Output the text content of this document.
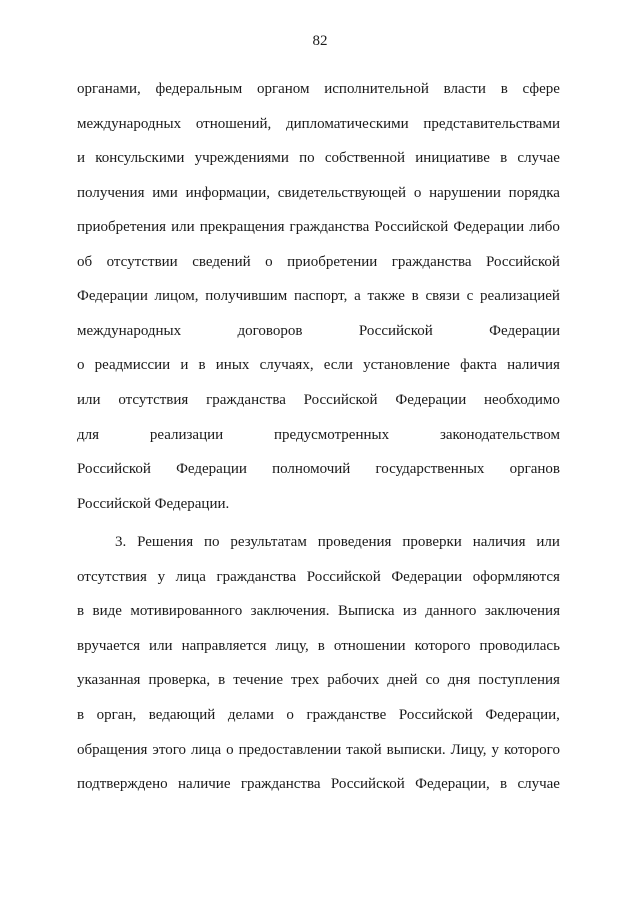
82
органами, федеральным органом исполнительной власти в сфере
международных отношений, дипломатическими представительствами
и консульскими учреждениями по собственной инициативе в случае
получения ими информации, свидетельствующей о нарушении порядка
приобретения или прекращения гражданства Российской Федерации либо
об отсутствии сведений о приобретении гражданства Российской
Федерации лицом, получившим паспорт, а также в связи с реализацией
международных	договоров	Российской	Федерации
о реадмиссии и в иных случаях, если установление факта наличия
или отсутствия гражданства Российской Федерации необходимо
для	реализации	предусмотренных	законодательством
Российской Федерации полномочий государственных органов
Российской Федерации.
3. Решения по результатам проведения проверки наличия или
отсутствия у лица гражданства Российской Федерации оформляются
в виде мотивированного заключения. Выписка из данного заключения
вручается или направляется лицу, в отношении которого проводилась
указанная проверка, в течение трех рабочих дней со дня поступления
в орган, ведающий делами о гражданстве Российской Федерации,
обращения этого лица о предоставлении такой выписки. Лицу, у которого
подтверждено наличие гражданства Российской Федерации, в случае
